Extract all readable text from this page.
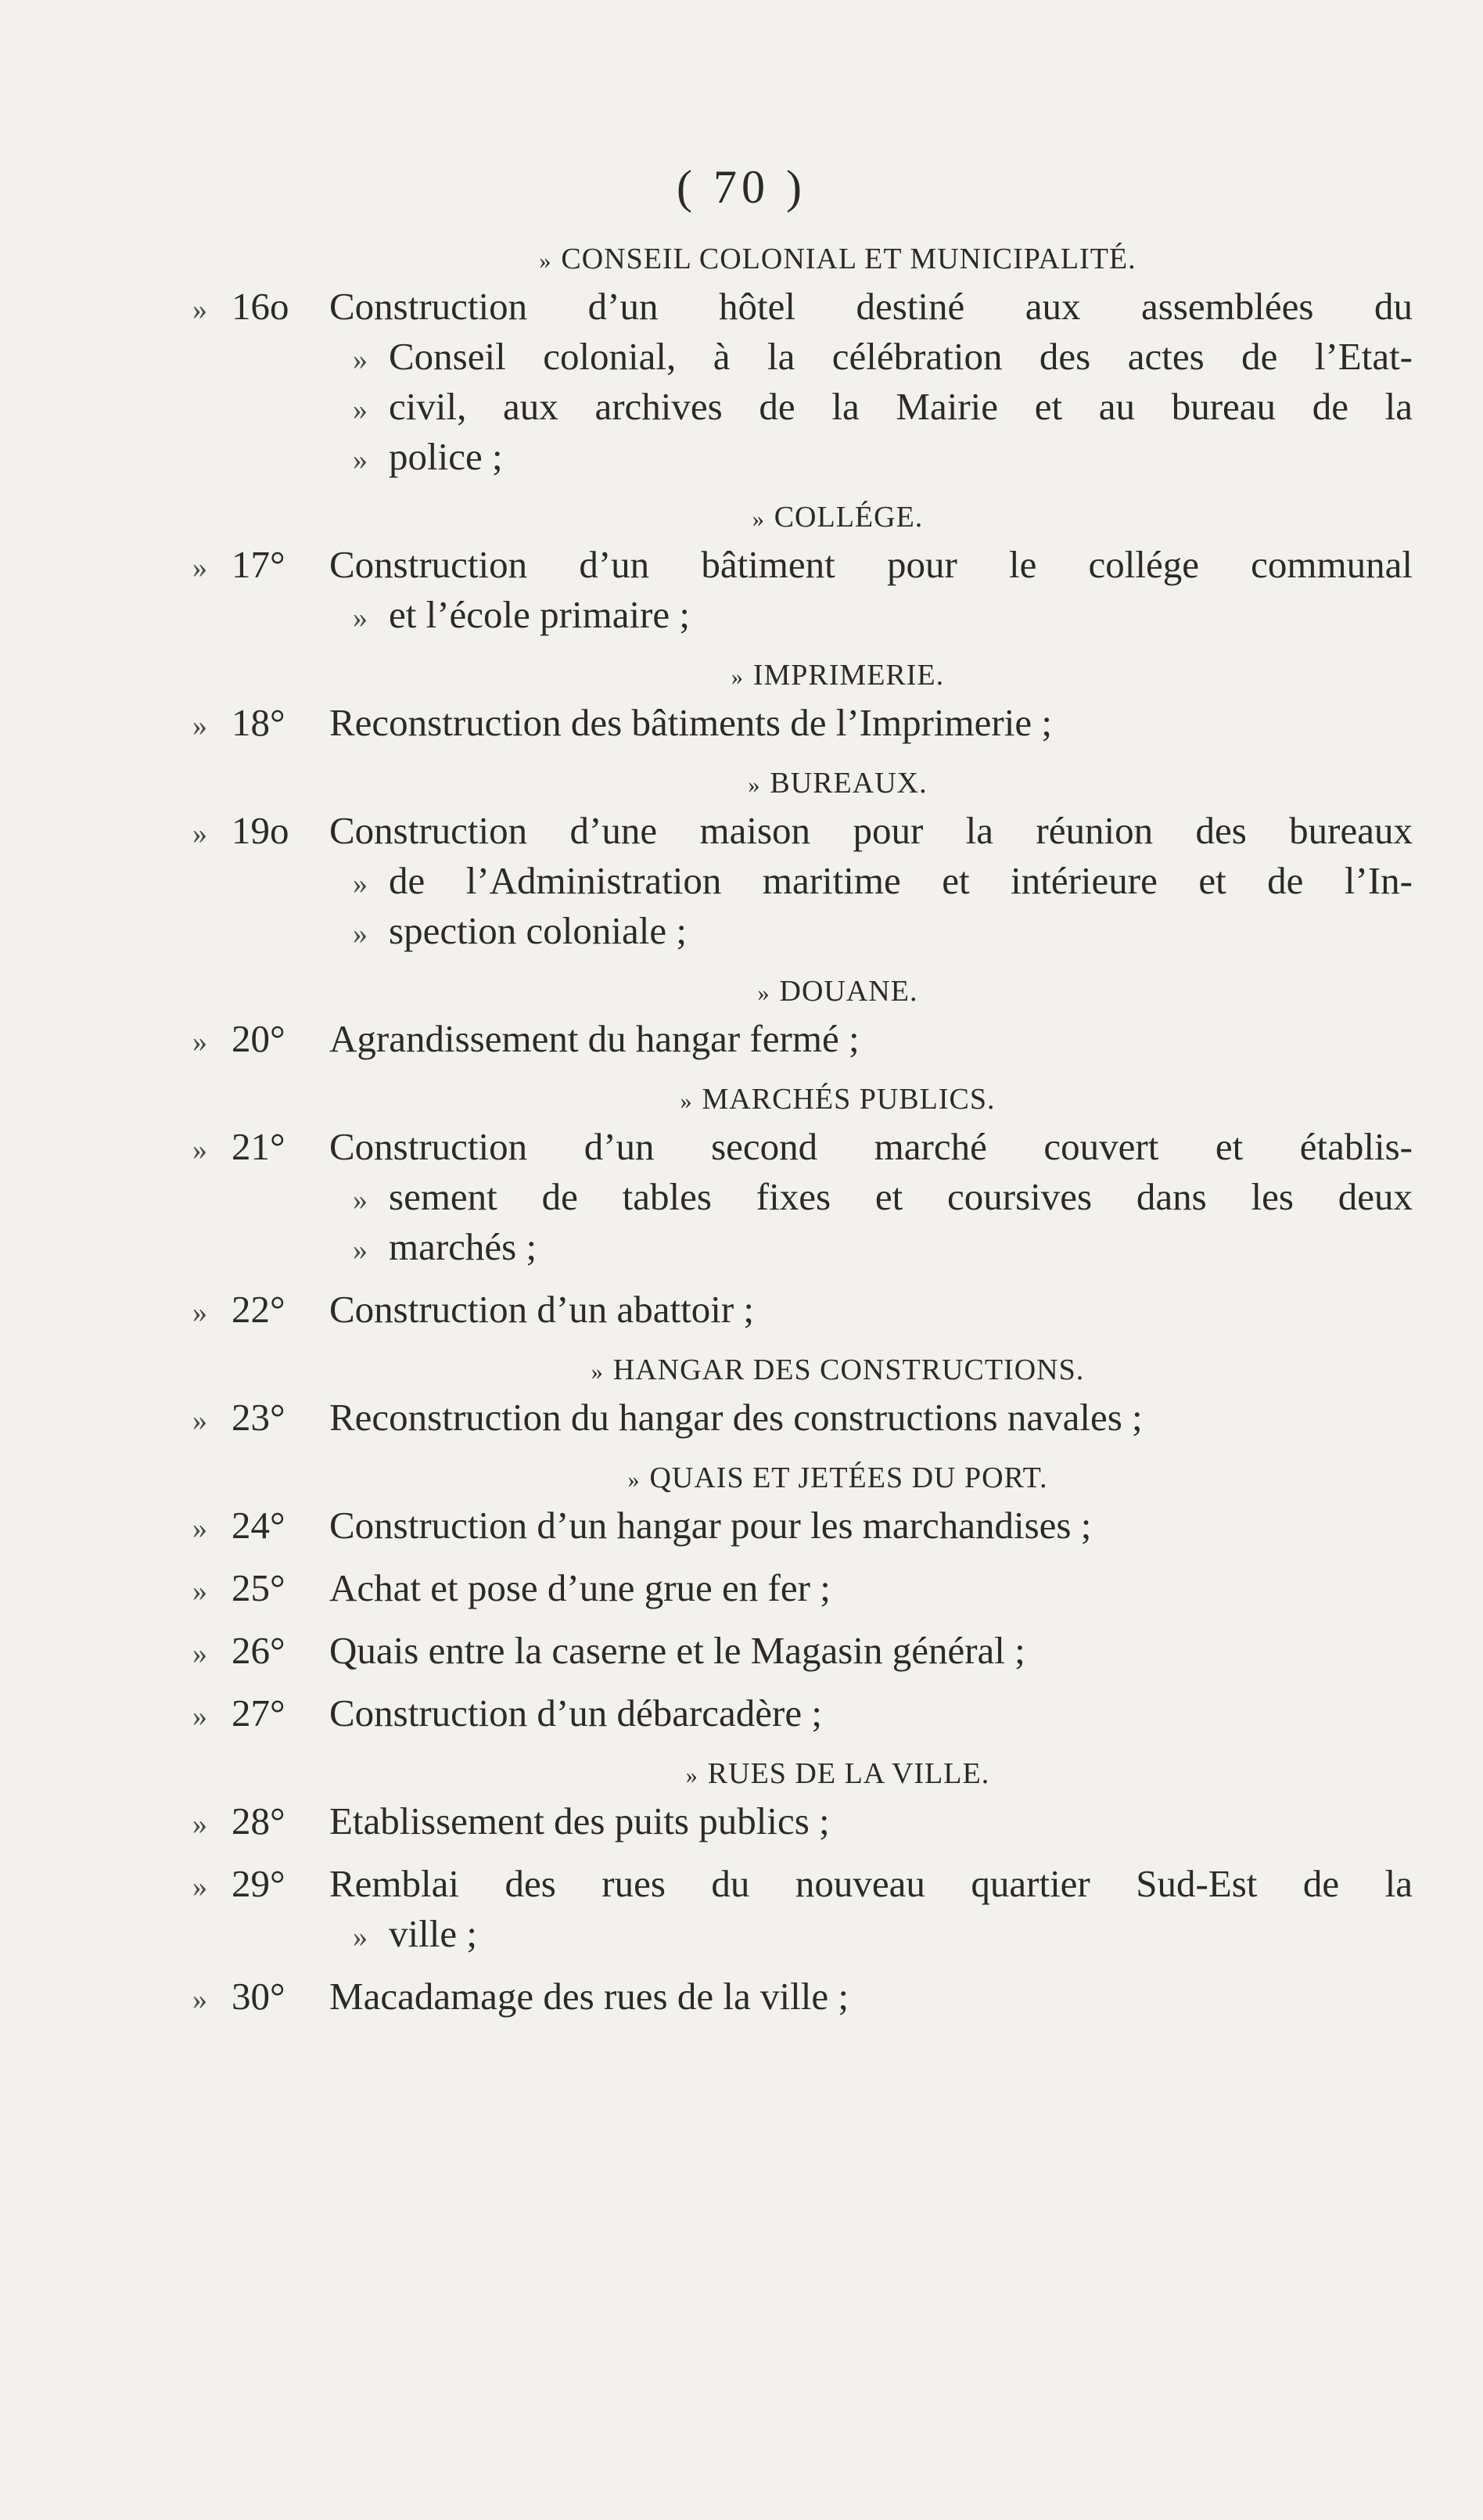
( 70 )
» CONSEIL COLONIAL ET MUNICIPALITÉ.
» 16o	Construction d’un hôtel destiné aux assemblées du
» Conseil colonial, à la célébration des actes de l’Etat-
» civil, aux archives de la Mairie et au bureau de la
» police ;
» COLLÉGE.
» 17°	Construction d’un bâtiment pour le collége communal
» et l’école primaire ;
» IMPRIMERIE.
» 18°	Reconstruction des bâtiments de l’Imprimerie ;
» BUREAUX.
» 19o	Construction d’une maison pour la réunion des bureaux
» de l’Administration maritime et intérieure et de l’In-
» spection coloniale ;
» DOUANE.
» 20°	Agrandissement du hangar fermé ;
» MARCHÉS PUBLICS.
» 21°	Construction d’un second marché couvert et établis-
» sement de tables fixes et coursives dans les deux
» marchés ;
» 22°	Construction d’un abattoir ;
» HANGAR DES CONSTRUCTIONS.
» 23°	Reconstruction du hangar des constructions navales ;
» QUAIS ET JETÉES DU PORT.
» 24°	Construction d’un hangar pour les marchandises ;
» 25°	Achat et pose d’une grue en fer ;
» 26°	Quais entre la caserne et le Magasin général ;
» 27°	Construction d’un débarcadère ;
» RUES DE LA VILLE.
» 28°	Etablissement des puits publics ;
» 29°	Remblai des rues du nouveau quartier Sud-Est de la
» ville ;
» 30°	Macadamage des rues de la ville ;
